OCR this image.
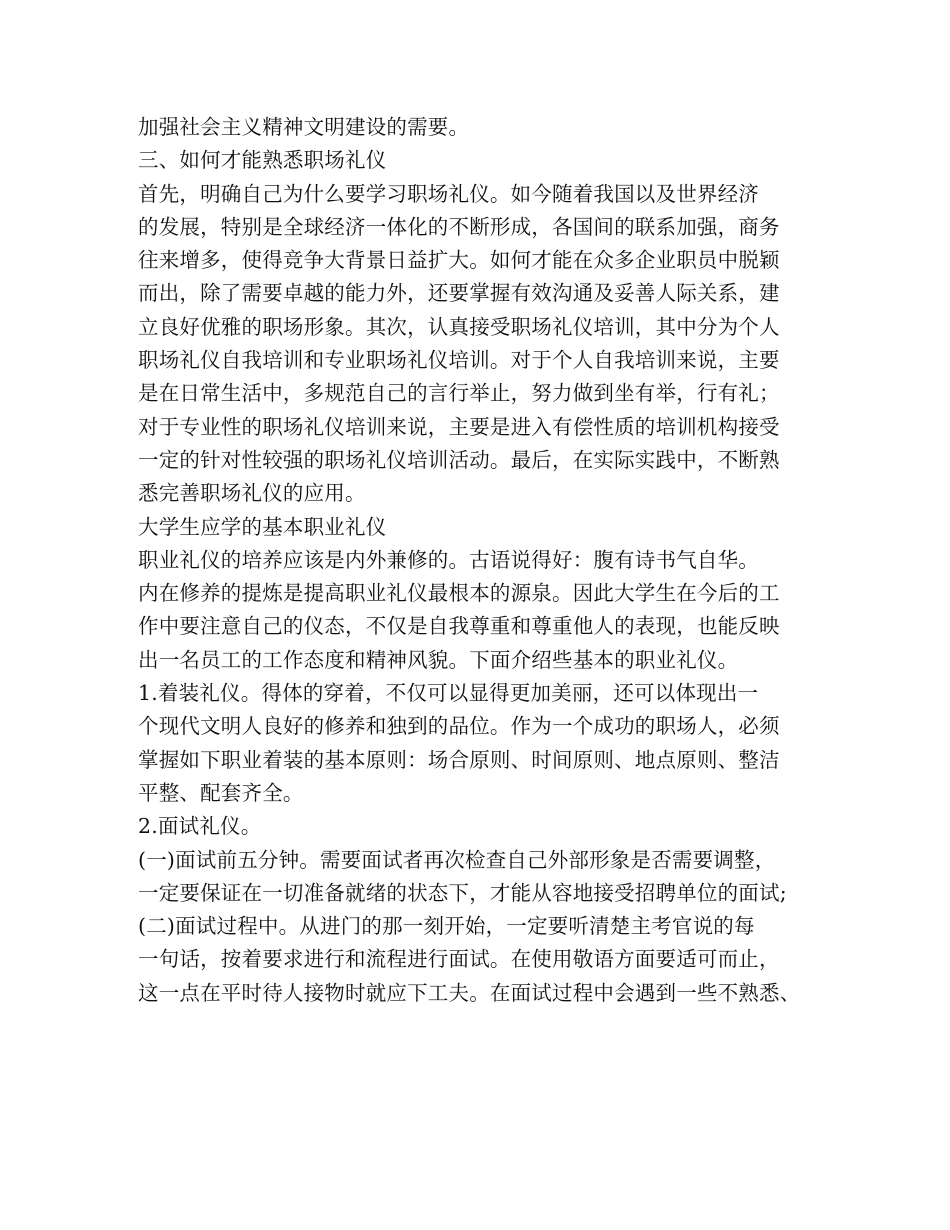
加强社会主义精神文明建设的需要。
三、如何才能熟悉职场礼仪
首先，明确自己为什么要学习职场礼仪。如今随着我国以及世界经济
的发展，特别是全球经济一体化的不断形成，各国间的联系加强，商务
往来增多，使得竞争大背景日益扩大。如何才能在众多企业职员中脱颖
而出，除了需要卓越的能力外，还要掌握有效沟通及妥善人际关系，建
立良好优雅的职场形象。其次，认真接受职场礼仪培训，其中分为个人
职场礼仪自我培训和专业职场礼仪培训。对于个人自我培训来说，主要
是在日常生活中，多规范自己的言行举止，努力做到坐有举，行有礼；
对于专业性的职场礼仪培训来说，主要是进入有偿性质的培训机构接受
一定的针对性较强的职场礼仪培训活动。最后，在实际实践中，不断熟
悉完善职场礼仪的应用。
大学生应学的基本职业礼仪
职业礼仪的培养应该是内外兼修的。古语说得好：腹有诗书气自华。
内在修养的提炼是提高职业礼仪最根本的源泉。因此大学生在今后的工
作中要注意自己的仪态，不仅是自我尊重和尊重他人的表现，也能反映
出一名员工的工作态度和精神风貌。下面介绍些基本的职业礼仪。
1.着装礼仪。得体的穿着，不仅可以显得更加美丽，还可以体现出一
个现代文明人良好的修养和独到的品位。作为一个成功的职场人，必须
掌握如下职业着装的基本原则：场合原则、时间原则、地点原则、整洁
平整、配套齐全。
2.面试礼仪。
(一)面试前五分钟。需要面试者再次检查自己外部形象是否需要调整，
一定要保证在一切准备就绪的状态下，才能从容地接受招聘单位的面试;
(二)面试过程中。从进门的那一刻开始，一定要听清楚主考官说的每
一句话，按着要求进行和流程进行面试。在使用敬语方面要适可而止，
这一点在平时待人接物时就应下工夫。在面试过程中会遇到一些不熟悉、
